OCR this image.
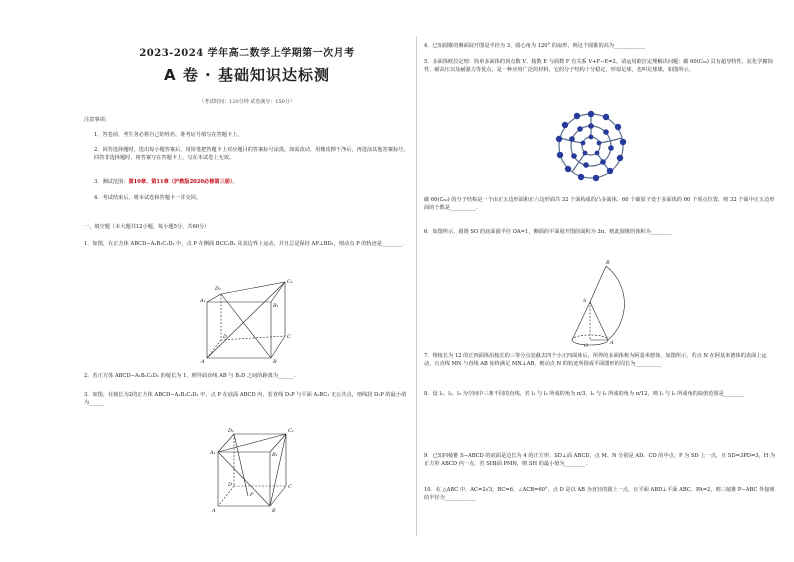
2023-2024 学年高二数学上学期第一次月考
A 卷 · 基础知识达标测
（考试时间：120分钟 试卷满分：150分）
注意事项：
1．答卷前，考生务必将自己的姓名、准考证号填写在答题卡上。
2．回答选择题时，选出每小题答案后，用铅笔把答题卡上对应题目的答案标号涂黑。如需改动，用橡皮擦干净后，再选涂其他答案标号。回答非选择题时，将答案写在答题卡上。写在本试卷上无效。
3．测试范围：第10章、第11章（沪教版2020必修第三册）。
4．考试结束后，将本试卷和答题卡一并交回。
一、填空题（本大题共12小题，每小题5分，共60分）
1．如图，在正方体 ABCD−A₁B₁C₁D₁ 中，点 P 在侧面 BCC₁B₁ 及其边界上运动，并且总是保持 AP⊥BD₁，则动点 P 的轨迹是________.
D₁
C₁
A₁
B₁
D	C
A	B
2．若正方体 ABCD−A₁B₁C₁D₁ 的棱长为 1，则异面直线 AB 与 B₁D 之间的距离为______.
3．如图，在棱长为2的正方体 ABCD−A₁B₁C₁D₁ 中，点 P 在底面 ABCD 内，若直线 D₁P 与平面 A₁BC₁ 无公共点，则线段 D₁P 的最小值为______
D₁	C₁
A₁	B₁
D	C
A	B
P
4．已知圆锥的侧面展开图是半径为 3，圆心角为 120° 的扇形，则这个圆锥的高为____________
5．多面体欧拉定理：简单多面体的顶点数 V、棱数 E 与面数 F 有关系 V+F−E=2。请运用欧拉定理解决问题：碳 60(C₆₀) 具有超导特性、抗化学腐蚀性、耐高压以及耐强力等优点，是一种应用广泛的材料，它的分子结构十分稳定，形似足球，也叫足球烯，如图所示。
碳 60(C₆₀) 的分子结构是一个由正五边形面和正六边形面共 32 个面构成的凸多面体，60 个碳原子处于多面体的 60 个顶点位置，则 32 个面中正五边形面的个数是__________.
6．如图所示，圆锥 SO 的底面圆半径 OA=1，侧面的平面展开图的面积为 3π，则此圆锥的体积为________
B
S
O	A
7．将棱长为 12 的正四面体沿棱长的三等分点处截去四个小正四面体后，所得的多面体称为阿基米德体，如图所示，若点 N 在阿基米德体的表面上运动，且直线 MN 与直线 AB 始终满足 MN⊥AB，则动点 N 的轨迹所围成平面图形的周长为__________
8．设 l₁、l₂、l₃ 为空间中三条不同的直线，若 l₁ 与 l₂ 所成的角为 π/3，l₂ 与 l₃ 所成的角为 π/12，则 l₁ 与 l₃ 所成角的取值范围是________
9．已知四棱锥 S−ABCD 的底面是边长为 4 的正方形，SD⊥面 ABCD，点 M、N 分别是 AD、CD 的中点，P 为 SD 上一点，且 SD=3PD=3，H 为正方形 ABCD 内一点，若 SH∥面 PMN，则 SH 的最小值为________.
10．在 △ABC 中，AC=2√3，BC=6，∠ACB=60°，点 D 是以 AB 为直径的圆上一点，且平面 ABD⊥平面 ABC，PA=2，则三棱锥 P−ABC 外接球的半径为____________
